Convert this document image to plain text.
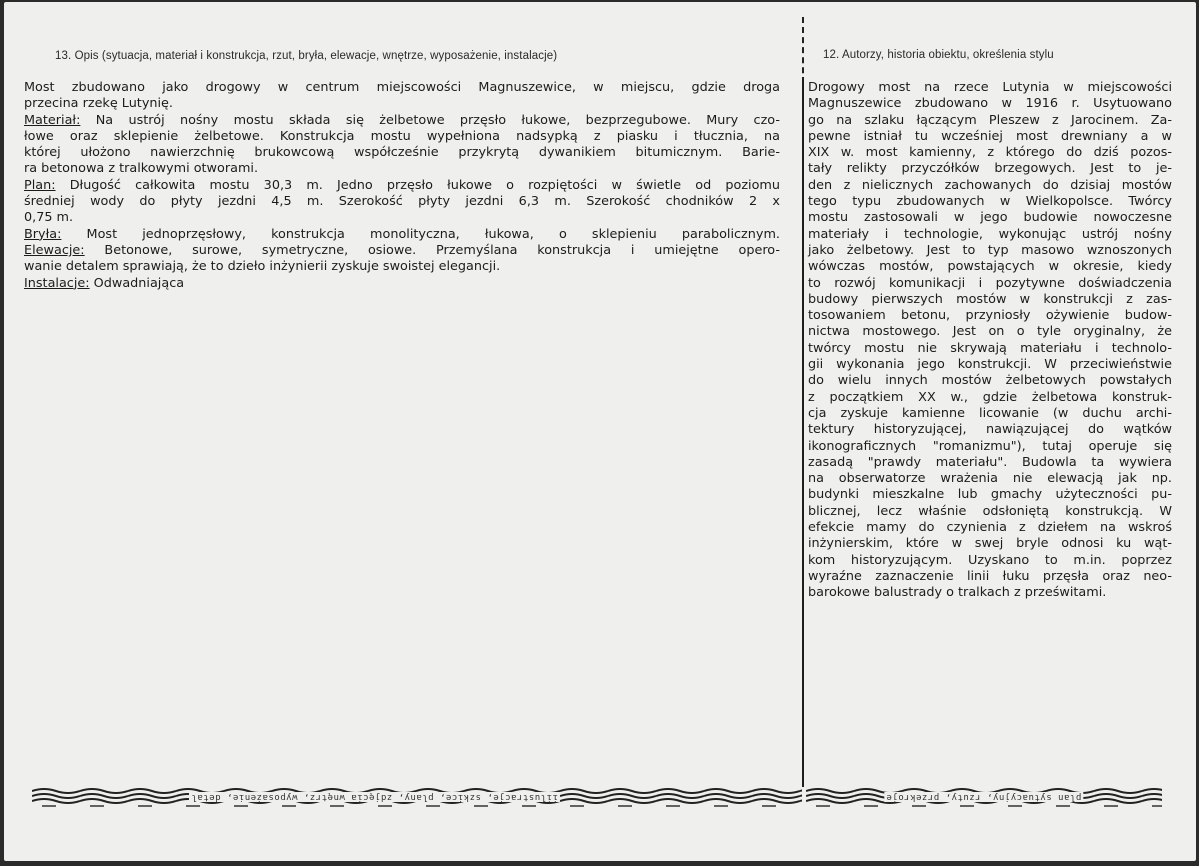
13. Opis (sytuacja, materiał i konstrukcja, rzut, bryła, elewacje, wnętrze, wyposażenie, instalacje)	12. Autorzy, historia obiektu, określenia stylu
Most zbudowano jako drogowy w centrum miejscowości Magnuszewice, w miejscu, gdzie droga
przecina rzekę Lutynię.
Materiał: Na ustrój nośny mostu składa się żelbetowe przęsło łukowe, bezprzegubowe. Mury czo-
łowe oraz sklepienie żelbetowe. Konstrukcja mostu wypełniona nadsypką z piasku i tłucznia, na
której ułożono nawierzchnię brukowcową współcześnie przykrytą dywanikiem bitumicznym. Barie-
ra betonowa z tralkowymi otworami.
Plan: Długość całkowita mostu 30,3 m. Jedno przęsło łukowe o rozpiętości w świetle od poziomu
średniej wody do płyty jezdni 4,5 m. Szerokość płyty jezdni 6,3 m. Szerokość chodników 2 x
0,75 m.
Bryła: Most jednoprzęsłowy, konstrukcja monolityczna, łukowa, o sklepieniu parabolicznym.
Elewacje: Betonowe, surowe, symetryczne, osiowe. Przemyślana konstrukcja i umiejętne opero-
wanie detalem sprawiają, że to dzieło inżynierii zyskuje swoistej elegancji.
Instalacje: Odwadniająca
Drogowy most na rzece Lutynia w miejscowości
Magnuszewice zbudowano w 1916 r. Usytuowano
go na szlaku łączącym Pleszew z Jarocinem. Za-
pewne istniał tu wcześniej most drewniany a w
XIX w. most kamienny, z którego do dziś pozos-
tały relikty przyczółków brzegowych. Jest to je-
den z nielicznych zachowanych do dzisiaj mostów
tego typu zbudowanych w Wielkopolsce. Twórcy
mostu zastosowali w jego budowie nowoczesne
materiały i technologie, wykonując ustrój nośny
jako żelbetowy. Jest to typ masowo wznoszonych
wówczas mostów, powstających w okresie, kiedy
to rozwój komunikacji i pozytywne doświadczenia
budowy pierwszych mostów w konstrukcji z zas-
tosowaniem betonu, przyniosły ożywienie budow-
nictwa mostowego. Jest on o tyle oryginalny, że
twórcy mostu nie skrywają materiału i technolo-
gii wykonania jego konstrukcji. W przeciwieństwie
do wielu innych mostów żelbetowych powstałych
z początkiem XX w., gdzie żelbetowa konstruk-
cja zyskuje kamienne licowanie (w duchu archi-
tektury historyzującej, nawiązującej do wątków
ikonograficznych "romanizmu"), tutaj operuje się
zasadą "prawdy materiału". Budowla ta wywiera
na obserwatorze wrażenia nie elewacją jak np.
budynki mieszkalne lub gmachy użyteczności pu-
blicznej, lecz właśnie odsłoniętą konstrukcją. W
efekcie mamy do czynienia z dziełem na wskroś
inżynierskim, które w swej bryle odnosi ku wąt-
kom historyzującym. Uzyskano to m.in. poprzez
wyraźne zaznaczenie linii łuku przęsła oraz neo-
barokowe balustrady o tralkach z prześwitami.
iilustracje, szkice, plany, zdjęcia wnętrz, wyposażenie, detal	plan sytuacyjny, rzuty, przekroje
